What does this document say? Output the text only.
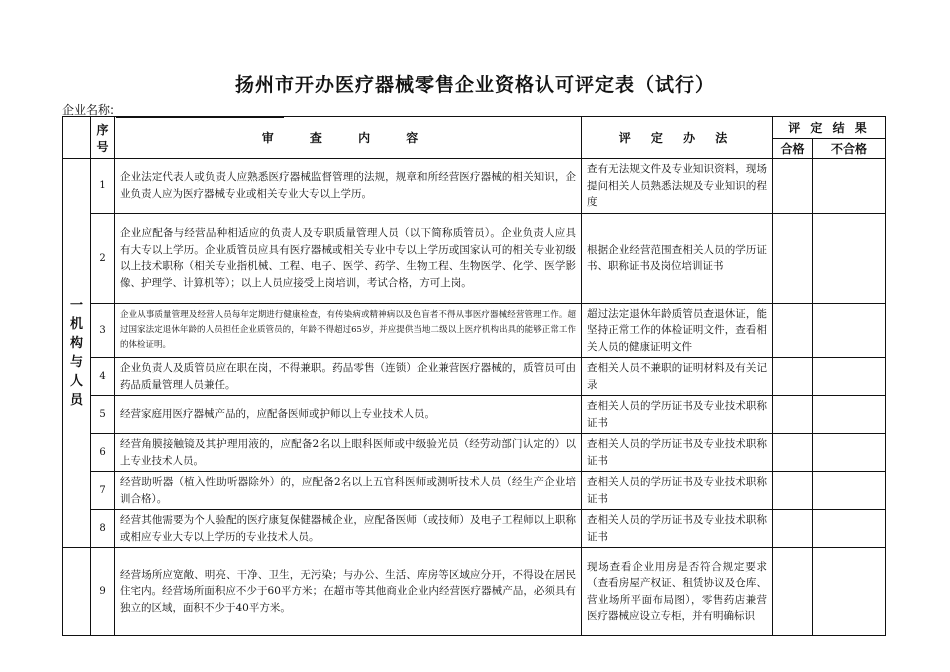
扬州市开办医疗器械零售企业资格认可评定表（试行）
企业名称:
	序号	审 查 内 容	评 定 办 法	评 定 结 果	
				合格	不合格
一机构与人员	1	企业法定代表人或负责人应熟悉医疗器械监督管理的法规，规章和所经营医疗器械的相关知识，企业负责人应为医疗器械专业或相关专业大专以上学历。	查有无法规文件及专业知识资料，现场提问相关人员熟悉法规及专业知识的程度		
	2	企业应配备与经营品种相适应的负责人及专职质量管理人员（以下简称质管员）。企业负责人应具有大专以上学历。企业质管员应具有医疗器械或相关专业中专以上学历或国家认可的相关专业初级以上技术职称（相关专业指机械、工程、电子、医学、药学、生物工程、生物医学、化学、医学影像、护理学、计算机等）；以上人员应接受上岗培训，考试合格，方可上岗。	根据企业经营范围查相关人员的学历证书、职称证书及岗位培训证书		
	3	企业从事质量管理及经营人员每年定期进行健康检查，有传染病或精神病以及色盲者不得从事医疗器械经营管理工作。超过国家法定退休年龄的人员担任企业质管员的，年龄不得超过65岁，并应提供当地二级以上医疗机构出具的能够正常工作的体检证明。	超过法定退休年龄质管员查退休证，能坚持正常工作的体检证明文件，查看相关人员的健康证明文件		
	4	企业负责人及质管员应在职在岗，不得兼职。药品零售（连锁）企业兼营医疗器械的，质管员可由药品质量管理人员兼任。	查相关人员不兼职的证明材料及有关记录		
	5	经营家庭用医疗器械产品的，应配备医师或护师以上专业技术人员。	查相关人员的学历证书及专业技术职称证书		
	6	经营角膜接触镜及其护理用液的，应配备2名以上眼科医师或中级验光员（经劳动部门认定的）以上专业技术人员。	查相关人员的学历证书及专业技术职称证书		
	7	经营助听器（植入性助听器除外）的，应配备2名以上五官科医师或测听技术人员（经生产企业培训合格）。	查相关人员的学历证书及专业技术职称证书		
	8	经营其他需要为个人验配的医疗康复保健器械企业，应配备医师（或技师）及电子工程师以上职称或相应专业大专以上学历的专业技术人员。	查相关人员的学历证书及专业技术职称证书		
	9	经营场所应宽敞、明亮、干净、卫生，无污染；与办公、生活、库房等区域应分开，不得设在居民住宅内。经营场所面积应不少于60平方米；在超市等其他商业企业内经营医疗器械产品，必须具有独立的区域，面积不少于40平方米。	现场查看企业用房是否符合规定要求（查看房屋产权证、租赁协议及仓库、营业场所平面布局图），零售药店兼营医疗器械应设立专柜，并有明确标识		
